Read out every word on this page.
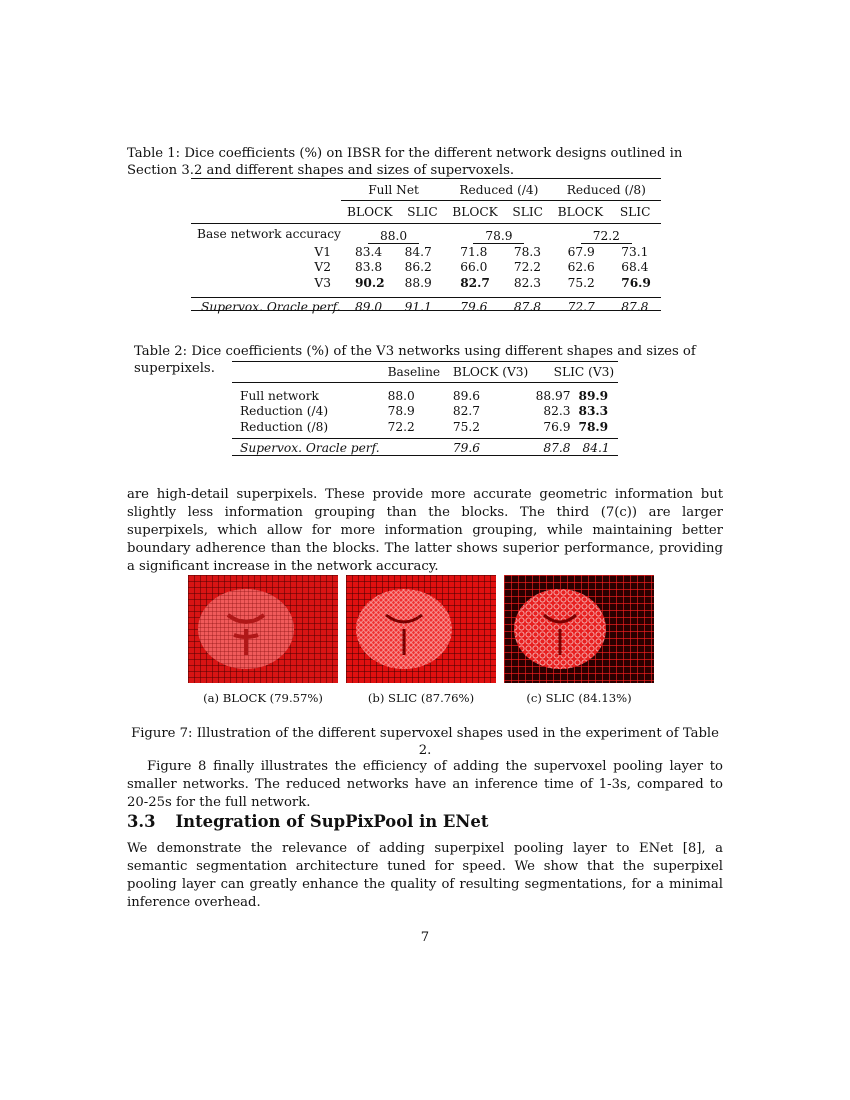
Table 1: Dice coefficients (%) on IBSR for the different network designs outlined in Section 3.2 and different shapes and sizes of supervoxels.
	Full Net		Reduced (/4)		Reduced (/8)	
	BLOCK	SLIC	BLOCK	SLIC	BLOCK	SLIC
Base network accuracy	88.0		78.9		72.2	
V1	83.4	84.7	71.8	78.3	67.9	73.1
V2	83.8	86.2	66.0	72.2	62.6	68.4
V3	90.2	88.9	82.7	82.3	75.2	76.9

Supervox. Oracle perf.	89.0	91.1	79.6	87.8	72.7	87.8
Table 2: Dice coefficients (%) of the V3 networks using different shapes and sizes of superpixels.
		Baseline	BLOCK (V3)	SLIC (V3)	

Full network	88.0	89.6	88.97	89.9
Reduction (/4)	78.9	82.7	82.3	83.3
Reduction (/8)	72.2	75.2	76.9	78.9

Supervox. Oracle perf.		79.6	87.8	84.1
are high-detail superpixels. These provide more accurate geometric information but slightly less information grouping than the blocks. The third (7(c)) are larger superpixels, which allow for more information grouping, while maintaining better boundary adherence than the blocks. The latter shows superior performance, providing a significant increase in the network accuracy.
(a) BLOCK (79.57%)	(b) SLIC (87.76%)	(c) SLIC (84.13%)
Figure 7: Illustration of the different supervoxel shapes used in the experiment of Table 2.
Figure 8 finally illustrates the efficiency of adding the supervoxel pooling layer to smaller networks. The reduced networks have an inference time of 1-3s, compared to 20-25s for the full network.
3.3 Integration of SupPixPool in ENet
We demonstrate the relevance of adding superpixel pooling layer to ENet [8], a semantic segmentation architecture tuned for speed. We show that the superpixel pooling layer can greatly enhance the quality of resulting segmentations, for a minimal inference overhead.
7
